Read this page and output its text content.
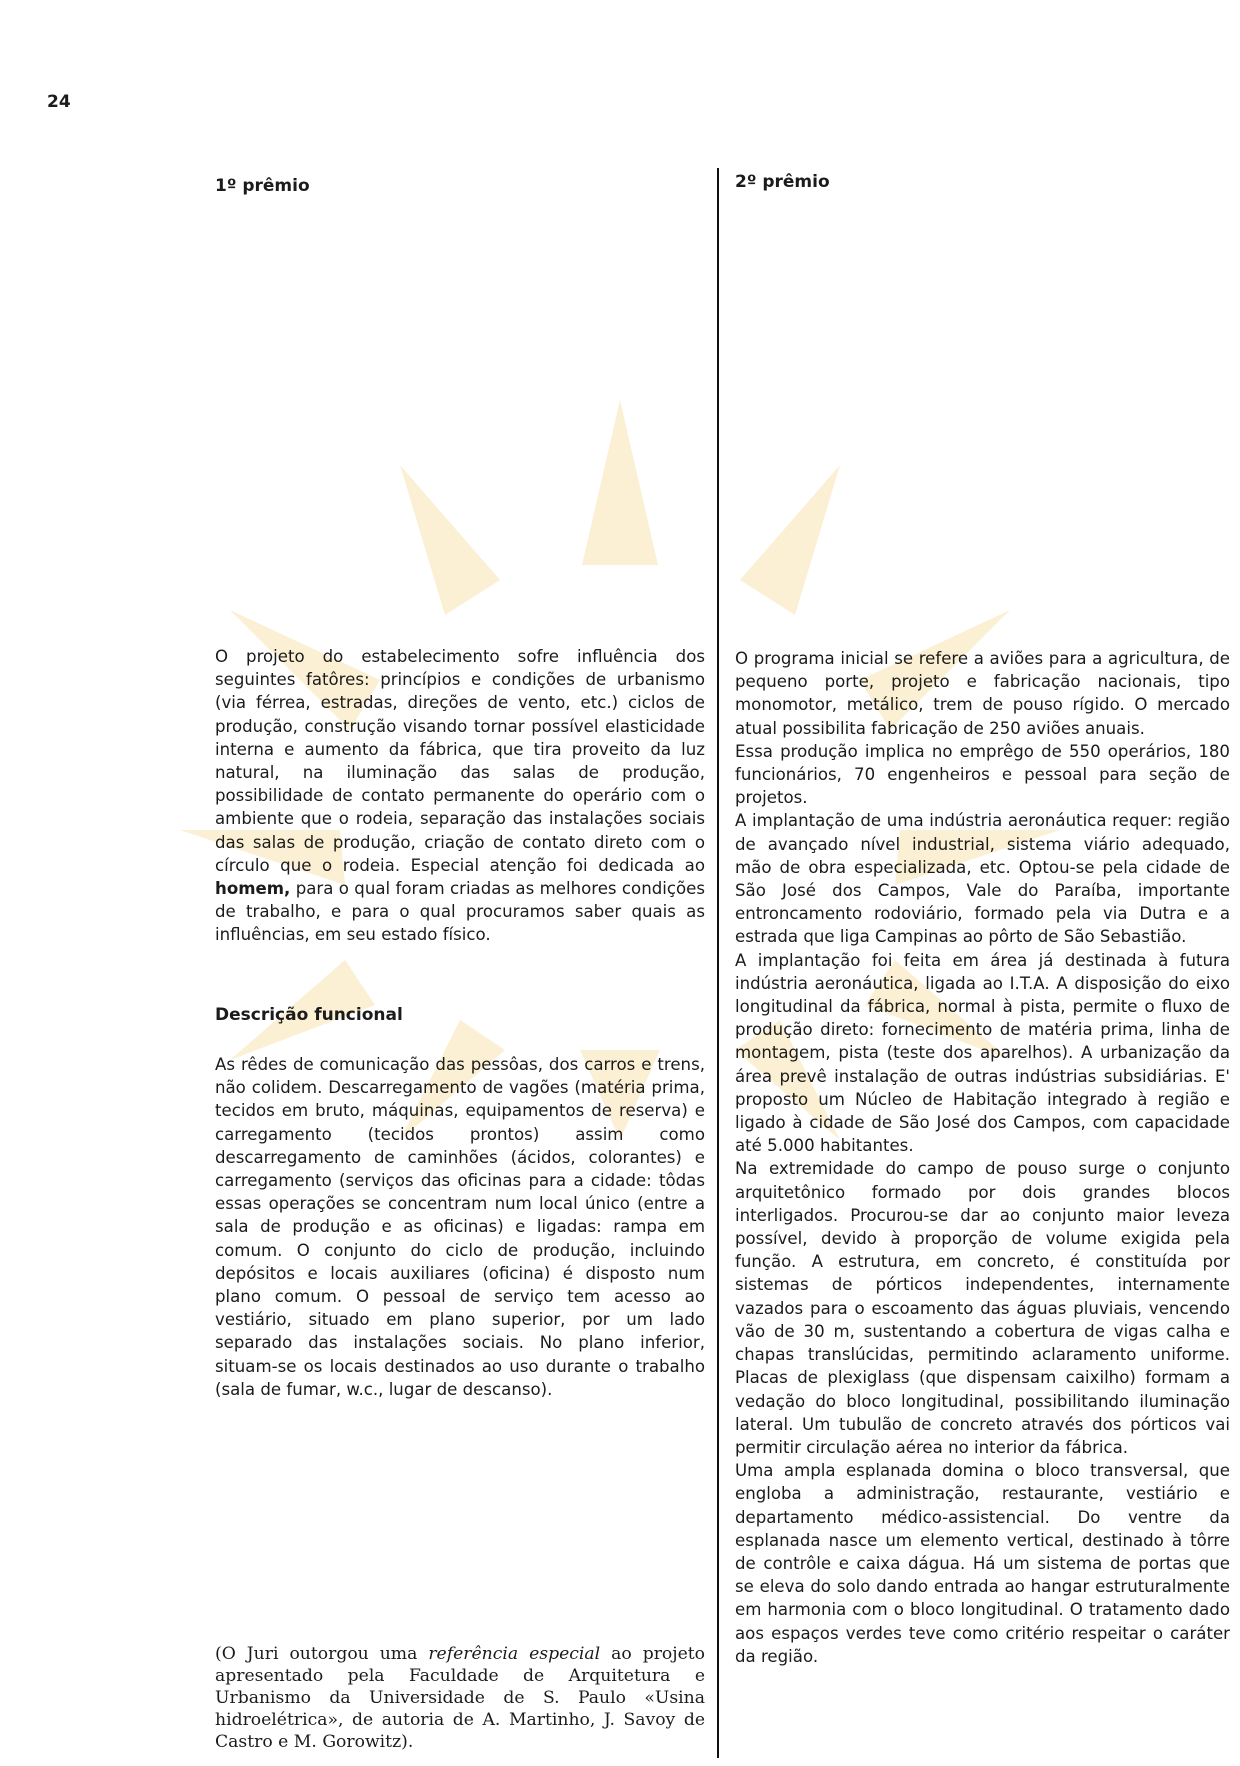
24
1º prêmio	2º prêmio

O projeto do estabelecimento sofre influência dos seguintes fatôres: princípios e condições de urbanismo (via férrea, estradas, direções de vento, etc.) ciclos de produção, construção visando tornar possível elasticidade interna e aumento da fábrica, que tira proveito da luz natural, na iluminação das salas de produção, possibilidade de contato permanente do operário com o ambiente que o rodeia, separação das instalações sociais das salas de produção, criação de contato direto com o círculo que o rodeia. Especial atenção foi dedicada ao homem, para o qual foram criadas as melhores condições de trabalho, e para o qual procuramos saber quais as influências, em seu estado físico.

Descrição funcional

As rêdes de comunicação das pessôas, dos carros e trens, não colidem. Descarregamento de vagões (matéria prima, tecidos em bruto, máquinas, equipamentos de reserva) e carregamento (tecidos prontos) assim como descarregamento de caminhões (ácidos, colorantes) e carregamento (serviços das oficinas para a cidade: tôdas essas operações se concentram num local único (entre a sala de produção e as oficinas) e ligadas: rampa em comum. O conjunto do ciclo de produção, incluindo depósitos e locais auxiliares (oficina) é disposto num plano comum. O pessoal de serviço tem acesso ao vestiário, situado em plano superior, por um lado separado das instalações sociais. No plano inferior, situam-se os locais destinados ao uso durante o trabalho (sala de fumar, w.c., lugar de descanso).

(O Juri outorgou uma referência especial ao projeto apresentado pela Faculdade de Arquitetura e Urbanismo da Universidade de S. Paulo «Usina hidroelétrica», de autoria de A. Martinho, J. Savoy de Castro e M. Gorowitz).

O programa inicial se refere a aviões para a agricultura, de pequeno porte, projeto e fabricação nacionais, tipo monomotor, metálico, trem de pouso rígido. O mercado atual possibilita fabricação de 250 aviões anuais.

Essa produção implica no emprêgo de 550 operários, 180 funcionários, 70 engenheiros e pessoal para seção de projetos.

A implantação de uma indústria aeronáutica requer: região de avançado nível industrial, sistema viário adequado, mão de obra especializada, etc. Optou-se pela cidade de São José dos Campos, Vale do Paraíba, importante entroncamento rodoviário, formado pela via Dutra e a estrada que liga Campinas ao pôrto de São Sebastião.

A implantação foi feita em área já destinada à futura indústria aeronáutica, ligada ao I.T.A. A disposição do eixo longitudinal da fábrica, normal à pista, permite o fluxo de produção direto: fornecimento de matéria prima, linha de montagem, pista (teste dos aparelhos). A urbanização da área prevê instalação de outras indústrias subsidiárias. E' proposto um Núcleo de Habitação integrado à região e ligado à cidade de São José dos Campos, com capacidade até 5.000 habitantes.

Na extremidade do campo de pouso surge o conjunto arquitetônico formado por dois grandes blocos interligados. Procurou-se dar ao conjunto maior leveza possível, devido à proporção de volume exigida pela função. A estrutura, em concreto, é constituída por sistemas de pórticos independentes, internamente vazados para o escoamento das águas pluviais, vencendo vão de 30 m, sustentando a cobertura de vigas calha e chapas translúcidas, permitindo aclaramento uniforme. Placas de plexiglass (que dispensam caixilho) formam a vedação do bloco longitudinal, possibilitando iluminação lateral. Um tubulão de concreto através dos pórticos vai permitir circulação aérea no interior da fábrica.

Uma ampla esplanada domina o bloco transversal, que engloba a administração, restaurante, vestiário e departamento médico-assistencial. Do ventre da esplanada nasce um elemento vertical, destinado à tôrre de contrôle e caixa dágua. Há um sistema de portas que se eleva do solo dando entrada ao hangar estruturalmente em harmonia com o bloco longitudinal. O tratamento dado aos espaços verdes teve como critério respeitar o caráter da região.
